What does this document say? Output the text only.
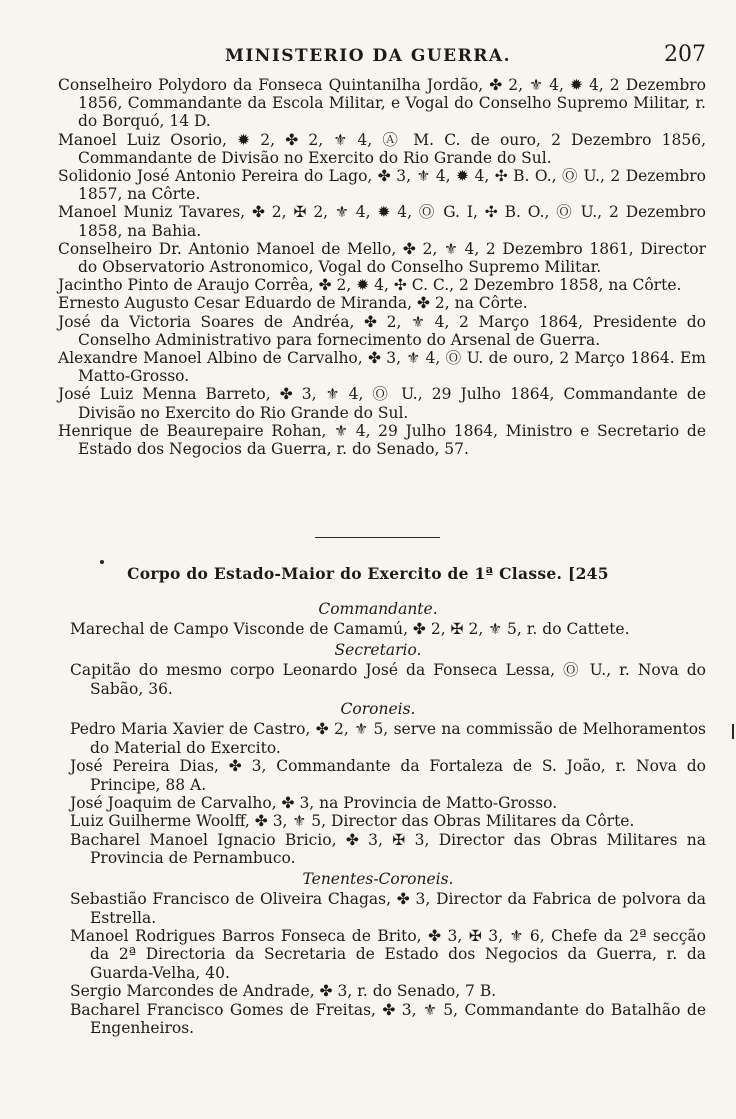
MINISTERIO DA GUERRA.	207

Conselheiro Polydoro da Fonseca Quintanilha Jordão, ✤ 2, ⚜ 4, ✹ 4, 2 Dezembro 1856, Commandante da Escola Militar, e Vogal do Conselho Supremo Militar, r. do Borquó, 14 D.

Manoel Luiz Osorio, ✹ 2, ✤ 2, ⚜ 4, Ⓐ M. C. de ouro, 2 Dezembro 1856, Commandante de Divisão no Exercito do Rio Grande do Sul.

Solidonio José Antonio Pereira do Lago, ✤ 3, ⚜ 4, ✹ 4, ✣ B. O., Ⓞ U., 2 Dezembro 1857, na Côrte.

Manoel Muniz Tavares, ✤ 2, ✠ 2, ⚜ 4, ✹ 4, Ⓞ G. I, ✣ B. O., Ⓞ U., 2 Dezembro 1858, na Bahia.

Conselheiro Dr. Antonio Manoel de Mello, ✤ 2, ⚜ 4, 2 Dezembro 1861, Director do Observatorio Astronomico, Vogal do Conselho Supremo Militar.

Jacintho Pinto de Araujo Corrêa, ✤ 2, ✹ 4, ✣ C. C., 2 Dezembro 1858, na Côrte.

Ernesto Augusto Cesar Eduardo de Miranda, ✤ 2, na Côrte.

José da Victoria Soares de Andréa, ✤ 2, ⚜ 4, 2 Março 1864, Presidente do Conselho Administrativo para fornecimento do Arsenal de Guerra.

Alexandre Manoel Albino de Carvalho, ✤ 3, ⚜ 4, Ⓞ U. de ouro, 2 Março 1864. Em Matto-Grosso.

José Luiz Menna Barreto, ✤ 3, ⚜ 4, Ⓞ U., 29 Julho 1864, Commandante de Divisão no Exercito do Rio Grande do Sul.

Henrique de Beaurepaire Rohan, ⚜ 4, 29 Julho 1864, Ministro e Secretario de Estado dos Negocios da Guerra, r. do Senado, 57.

Corpo do Estado-Maior do Exercito de 1ª Classe. [245

Commandante.

Marechal de Campo Visconde de Camamú, ✤ 2, ✠ 2, ⚜ 5, r. do Cattete.

Secretario.

Capitão do mesmo corpo Leonardo José da Fonseca Lessa, Ⓞ U., r. Nova do Sabão, 36.

Coroneis.

Pedro Maria Xavier de Castro, ✤ 2, ⚜ 5, serve na commissão de Melhoramentos do Material do Exercito.

José Pereira Dias, ✤ 3, Commandante da Fortaleza de S. João, r. Nova do Principe, 88 A.

José Joaquim de Carvalho, ✤ 3, na Provincia de Matto-Grosso.

Luiz Guilherme Woolff, ✤ 3, ⚜ 5, Director das Obras Militares da Côrte.

Bacharel Manoel Ignacio Bricio, ✤ 3, ✠ 3, Director das Obras Militares na Provincia de Pernambuco.

Tenentes-Coroneis.

Sebastião Francisco de Oliveira Chagas, ✤ 3, Director da Fabrica de polvora da Estrella.

Manoel Rodrigues Barros Fonseca de Brito, ✤ 3, ✠ 3, ⚜ 6, Chefe da 2ª secção da 2ª Directoria da Secretaria de Estado dos Negocios da Guerra, r. da Guarda-Velha, 40.

Sergio Marcondes de Andrade, ✤ 3, r. do Senado, 7 B.

Bacharel Francisco Gomes de Freitas, ✤ 3, ⚜ 5, Commandante do Batalhão de Engenheiros.
